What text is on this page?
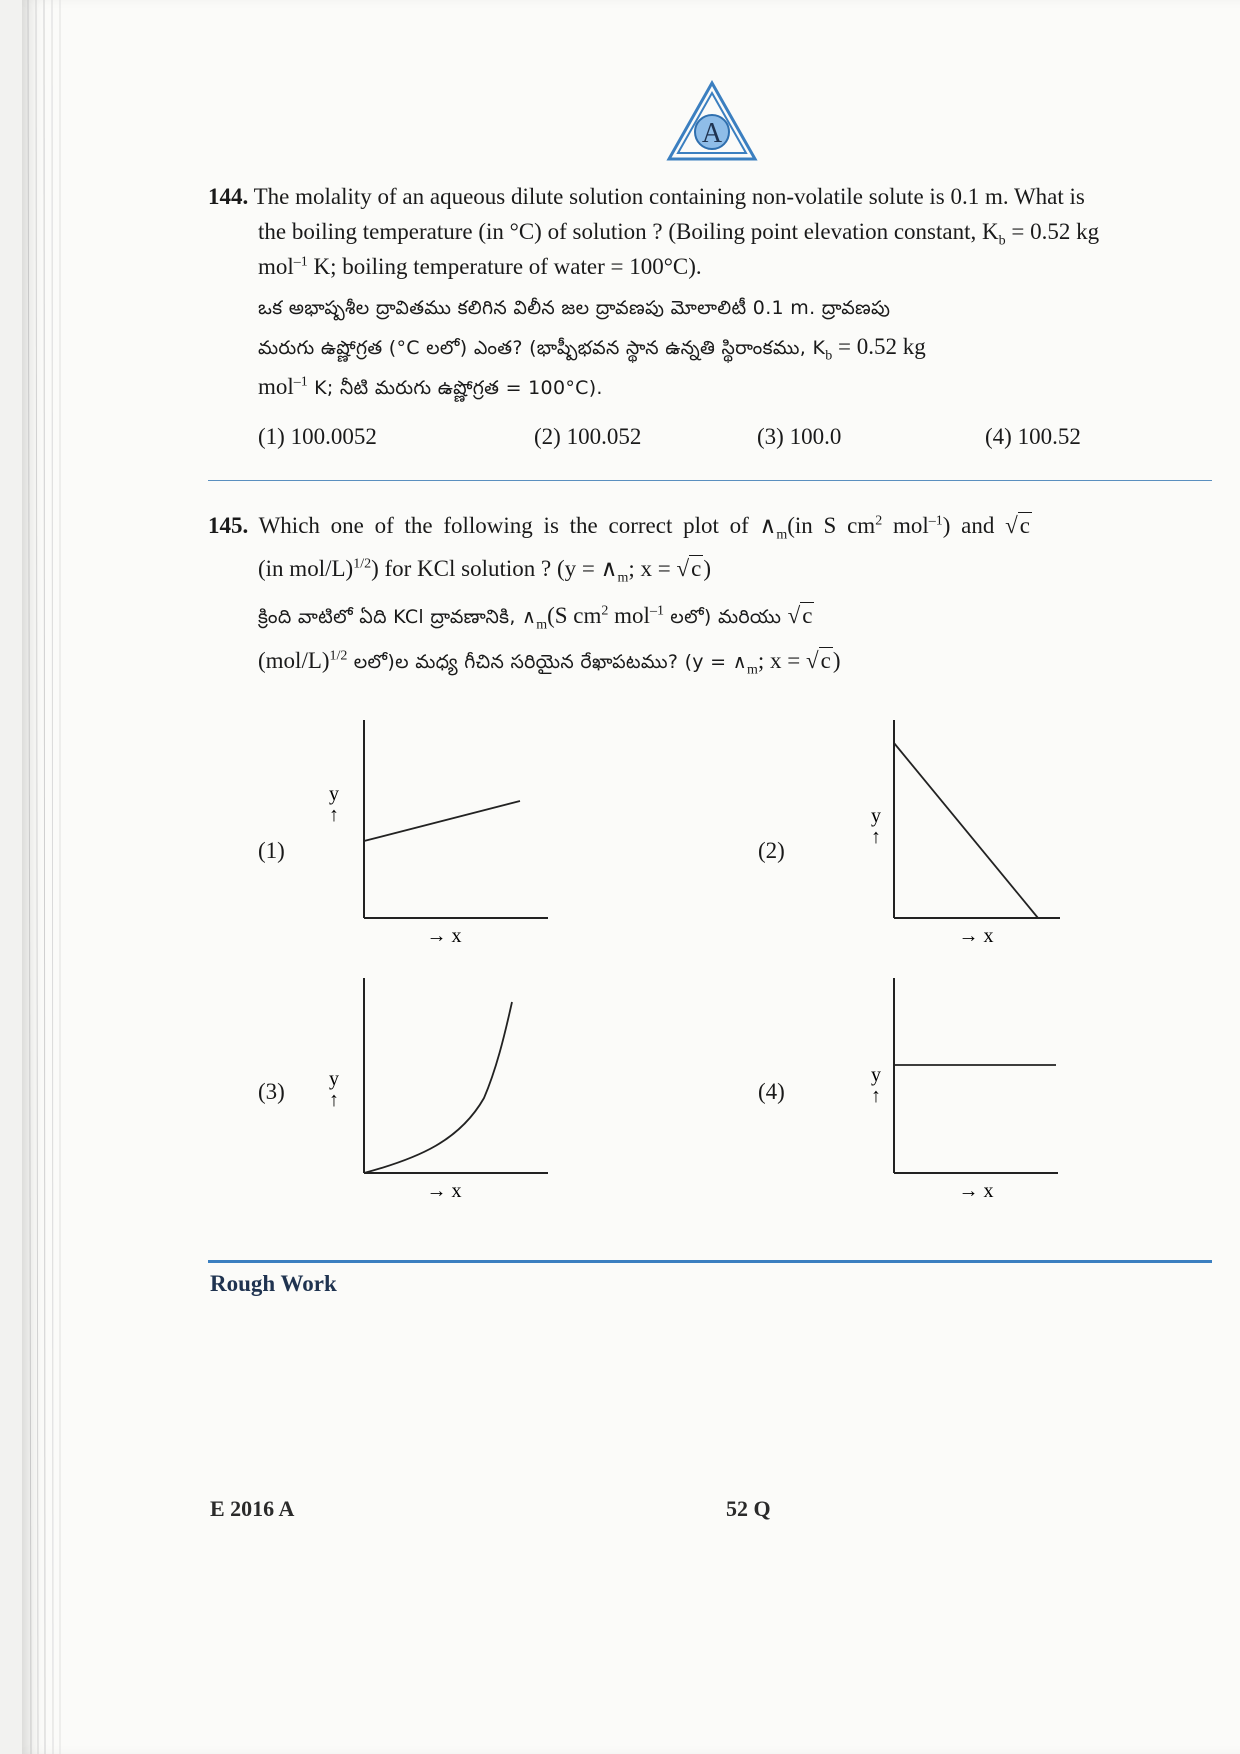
A
144. The molality of an aqueous dilute solution containing non-volatile solute is 0.1 m. What is
the boiling temperature (in °C) of solution ? (Boiling point elevation constant, $K_b = 0.52$ kg
mol$^{-1}$ K; boiling temperature of water = 100°C).
ఒక అభాష్పశీల ద్రావితము కలిగిన విలీన జల ద్రావణపు మోలాలిటీ 0.1 m. ద్రావణపు
మరుగు ఉష్ణోగ్రత (°C లలో) ఎంత? (భాష్పీభవన స్థాన ఉన్నతి స్థిరాంకము, $K_b = 0.52$ kg
mol$^{-1}$ K; నీటి మరుగు ఉష్ణోగ్రత = 100°C).
(1) 100.0052	(2) 100.052	(3) 100.0	(4) 100.52
145. Which one of the following is the correct plot of $\wedge_m(in$ S $cm^2$ mol$^{-1}$) and √c
(in mol/L)$^{1/2}$) for KCl solution ? ($y = \wedge_m$; x = √c)
క్రింది వాటిలో ఏది KCl ద్రావణానికి, $\wedge_m(S$ $cm^2$ mol$^{-1}$ లలో) మరియు √c
$(mol/L)^{1/2}$ లలో)ల మధ్య గీచిన సరియైన రేఖాపటము? ($y = \wedge_m$; x = √c)
(1)	(2)
(3)	(4)
y
↑
→ x
y
↑
→ x
y
↑
→ x
y
↑
→ x
Rough Work
E 2016 A	52 Q
